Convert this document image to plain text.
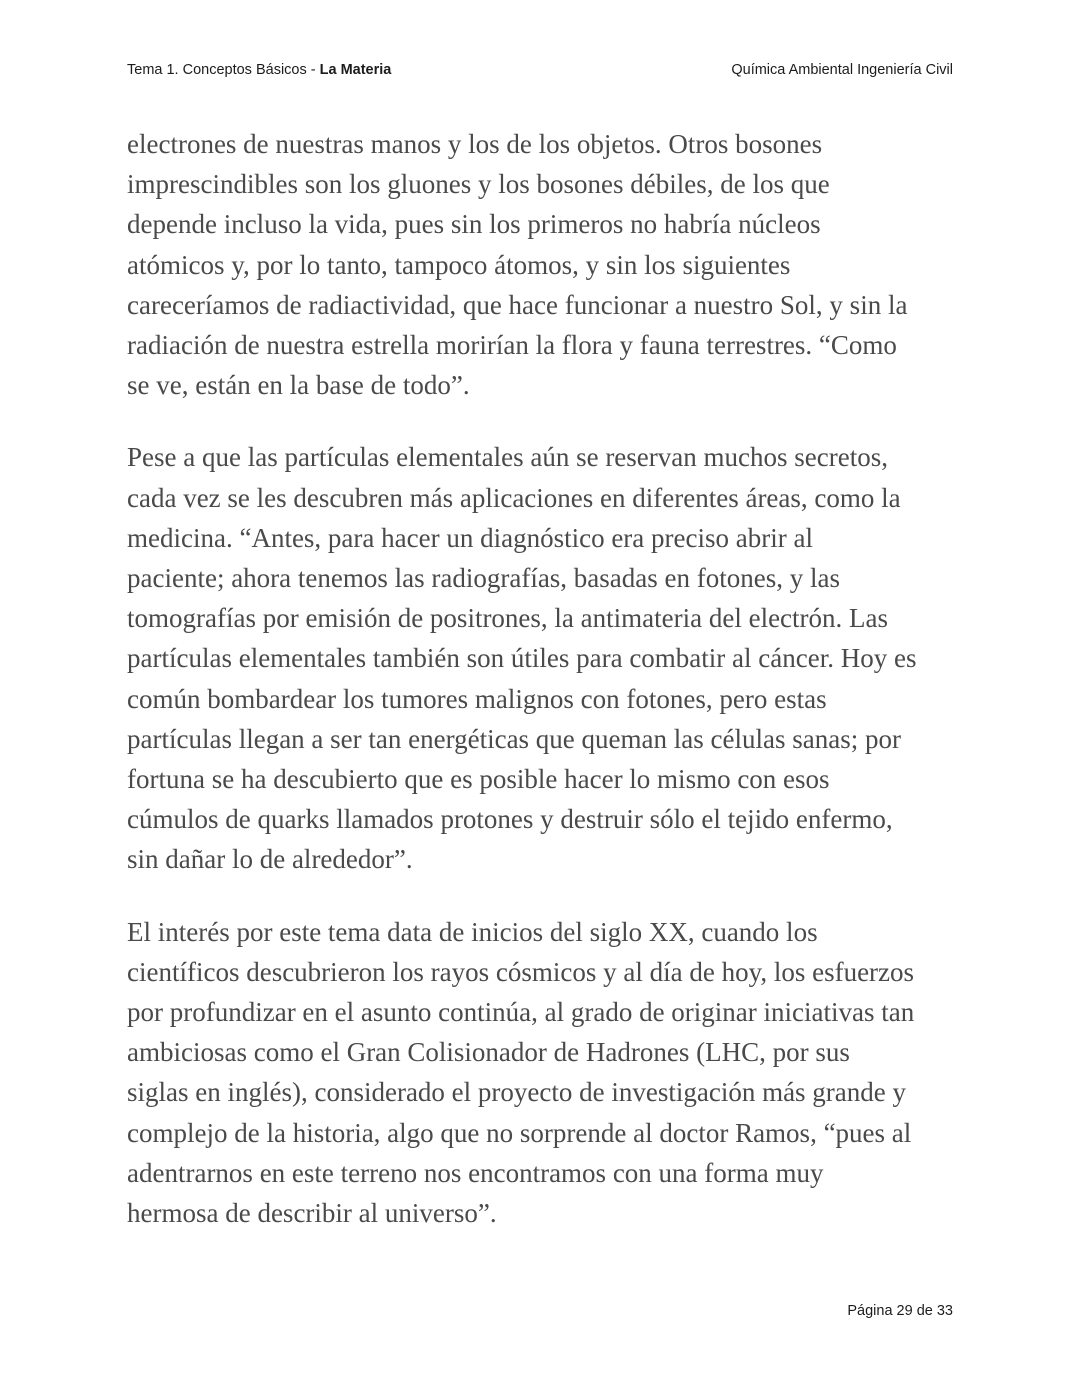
Tema 1. Conceptos Básicos - La Materia	Química Ambiental Ingeniería Civil

electrones de nuestras manos y los de los objetos. Otros bosones
imprescindibles son los gluones y los bosones débiles, de los que
depende incluso la vida, pues sin los primeros no habría núcleos
atómicos y, por lo tanto, tampoco átomos, y sin los siguientes
careceríamos de radiactividad, que hace funcionar a nuestro Sol, y sin la
radiación de nuestra estrella morirían la flora y fauna terrestres. “Como
se ve, están en la base de todo”.

Pese a que las partículas elementales aún se reservan muchos secretos,
cada vez se les descubren más aplicaciones en diferentes áreas, como la
medicina. “Antes, para hacer un diagnóstico era preciso abrir al
paciente; ahora tenemos las radiografías, basadas en fotones, y las
tomografías por emisión de positrones, la antimateria del electrón. Las
partículas elementales también son útiles para combatir al cáncer. Hoy es
común bombardear los tumores malignos con fotones, pero estas
partículas llegan a ser tan energéticas que queman las células sanas; por
fortuna se ha descubierto que es posible hacer lo mismo con esos
cúmulos de quarks llamados protones y destruir sólo el tejido enfermo,
sin dañar lo de alrededor”.

El interés por este tema data de inicios del siglo XX, cuando los
científicos descubrieron los rayos cósmicos y al día de hoy, los esfuerzos
por profundizar en el asunto continúa, al grado de originar iniciativas tan
ambiciosas como el Gran Colisionador de Hadrones (LHC, por sus
siglas en inglés), considerado el proyecto de investigación más grande y
complejo de la historia, algo que no sorprende al doctor Ramos, “pues al
adentrarnos en este terreno nos encontramos con una forma muy
hermosa de describir al universo”.

Página 29 de 33
